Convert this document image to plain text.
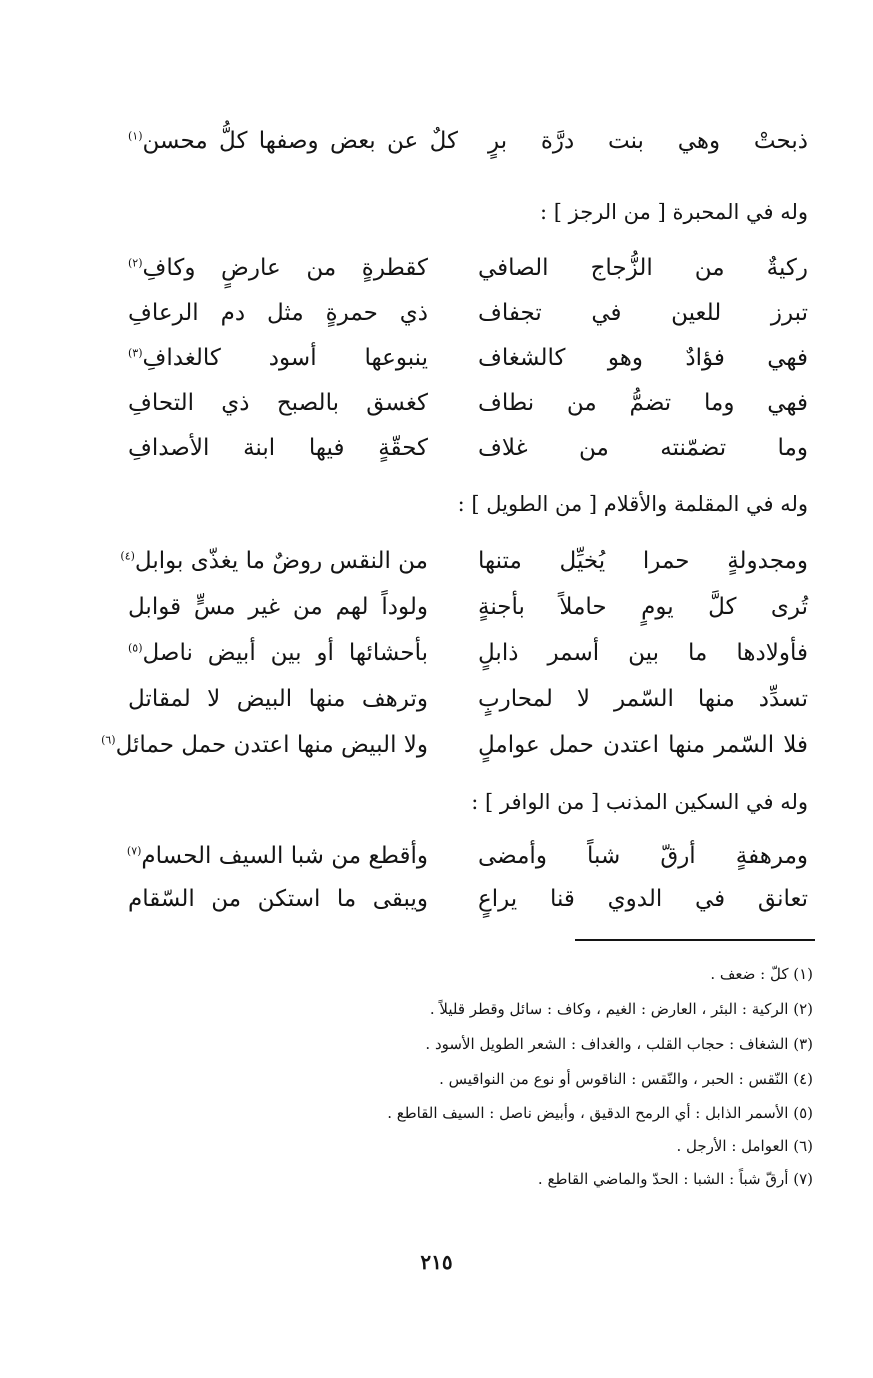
ذبحتْ وهي بنت درَّة برٍ
كلٌ عن بعض وصفها كلُّ محسن$^{(١)}$
وله في المحبرة [ من الرجز ] :
ركيةٌ من الزُّجاج الصافي
كقطرةٍ من عارضٍ وكافِ$^{(٢)}$
تبرز للعين في تجفاف
ذي حمرةٍ مثل دم الرعافِ
فهي فؤادٌ وهو كالشغاف
ينبوعها أسود كالغدافِ$^{(٣)}$
فهي وما تضمُّ من نطاف
كغسق بالصبح ذي التحافِ
وما تضمّنته من غلاف
كحقّةٍ فيها ابنة الأصدافِ
وله في المقلمة والأقلام [ من الطويل ] :
ومجدولةٍ حمرا يُخيِّل متنها
من النقس روضٌ ما يغذّى بوابل$^{(٤)}$
تُرى كلَّ يومٍ حاملاً بأجنةٍ
ولوداً لهم من غير مسٍّ قوابل
فأولادها ما بين أسمر ذابلٍ
بأحشائها أو بين أبيض ناصل$^{(٥)}$
تسدِّد منها السّمر لا لمحاربٍ
وترهف منها البيض لا لمقاتل
فلا السّمر منها اعتدن حمل عواملٍ
ولا البيض منها اعتدن حمل حمائل$^{(٦)}$
وله في السكين المذنب [ من الوافر ] :
ومرهفةٍ أرقّ شباً وأمضى
وأقطع من شبا السيف الحسام$^{(٧)}$
تعانق في الدوي قنا يراعٍ
ويبقى ما استكن من السّقام
(١) كلّ : ضعف .
(٢) الركية : البئر ، العارض : الغيم ، وكاف : سائل وقطر قليلاً .
(٣) الشغاف : حجاب القلب ، والغداف : الشعر الطويل الأسود .
(٤) النّقس : الحبر ، والنّقس : الناقوس أو نوع من النواقيس .
(٥) الأسمر الذابل : أي الرمح الدقيق ، وأبيض ناصل : السيف القاطع .
(٦) العوامل : الأرجل .
(٧) أرقّ شباً : الشبا : الحدّ والماضي القاطع .
٢١٥
